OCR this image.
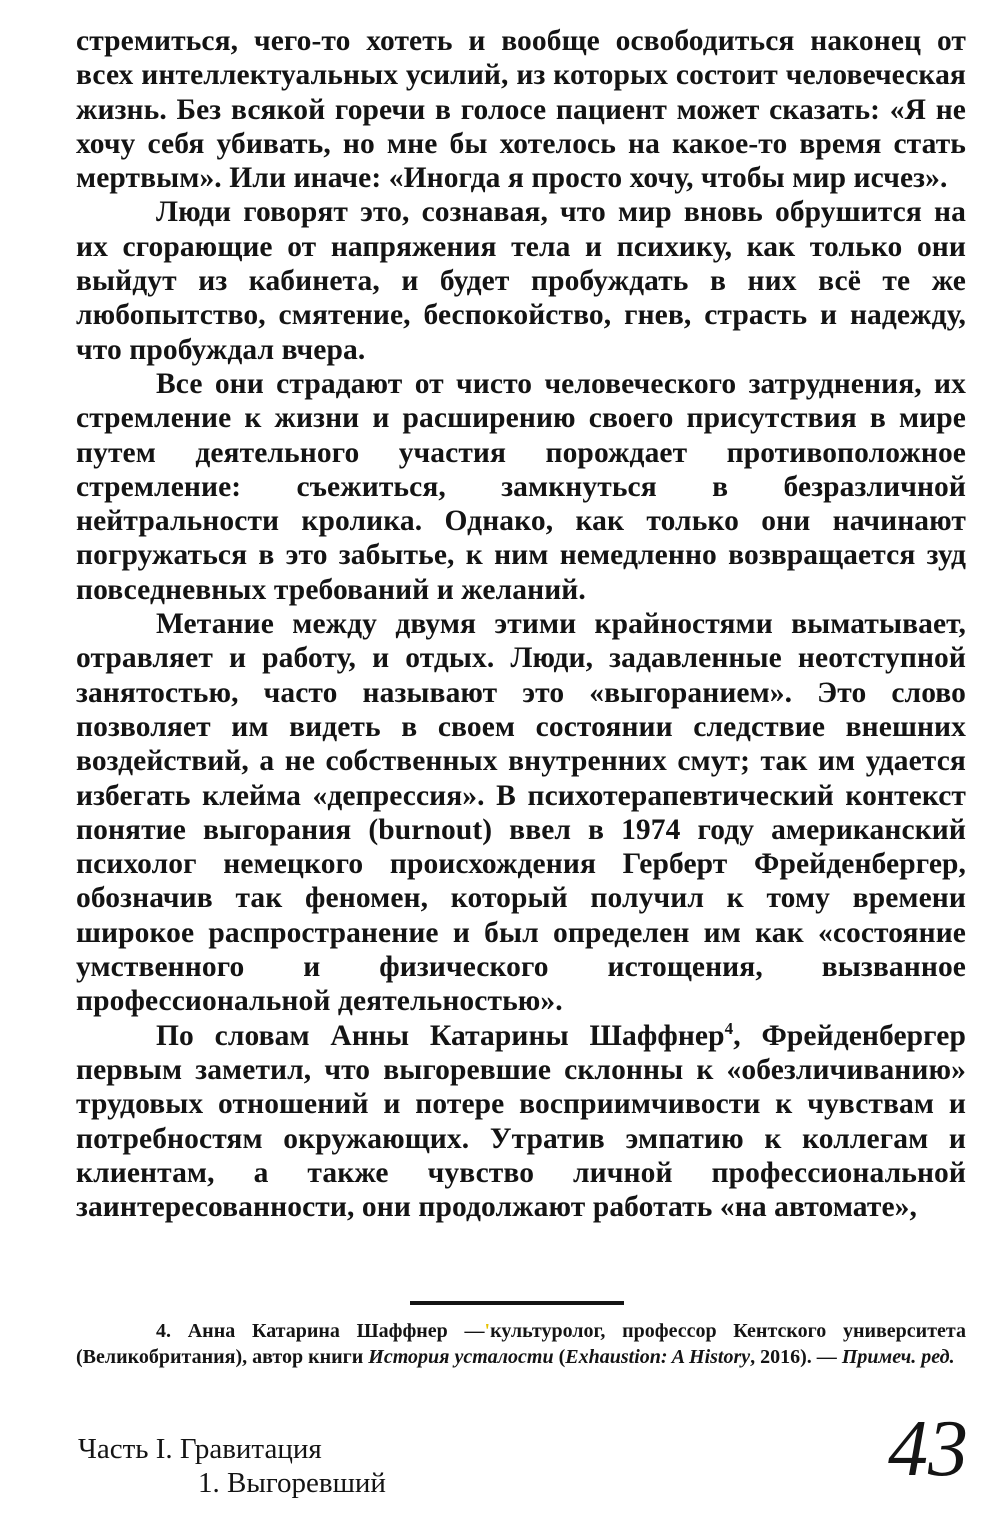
стремиться, чего-то хотеть и вообще освободиться наконец от всех интеллектуальных усилий, из которых состоит человеческая жизнь. Без всякой горечи в голосе пациент может сказать: «Я не хочу себя убивать, но мне бы хотелось на какое-то время стать мертвым». Или иначе: «Иногда я просто хочу, чтобы мир исчез».

Люди говорят это, сознавая, что мир вновь обрушится на их сгорающие от напряжения тела и психику, как только они выйдут из кабинета, и будет пробуждать в них всё те же любопытство, смятение, беспокойство, гнев, страсть и надежду, что пробуждал вчера.

Все они страдают от чисто человеческого затруднения, их стремление к жизни и расширению своего присутствия в мире путем деятельного участия порождает противоположное стремление: съежиться, замкнуться в безразличной нейтральности кролика. Однако, как только они начинают погружаться в это забытье, к ним немедленно возвращается зуд повседневных требований и желаний.

Метание между двумя этими крайностями выматывает, отравляет и работу, и отдых. Люди, задавленные неотступной занятостью, часто называют это «выгоранием». Это слово позволяет им видеть в своем состоянии следствие внешних воздействий, а не собственных внутренних смут; так им удается избегать клейма «депрессия». В психотерапевтический контекст понятие выгорания (burnout) ввел в 1974 году американский психолог немецкого происхождения Герберт Фрейденбергер, обозначив так феномен, который получил к тому времени широкое распространение и был определен им как «состояние умственного и физического истощения, вызванное профессиональной деятельностью».

По словам Анны Катарины Шаффнер$^4$, Фрейденбергер первым заметил, что выгоревшие склонны к «обезличиванию» трудовых отношений и потере восприимчивости к чувствам и потребностям окружающих. Утратив эмпатию к коллегам и клиентам, а также чувство личной профессиональной заинтересованности, они продолжают работать «на автомате»,

4. Анна Катарина Шаффнер —'культуролог, профессор Кентского университета (Великобритания), автор книги История усталости (Exhaustion: A History, 2016). — Примеч. ред.
Часть I. Гравитация
1. Выгоревший	43
